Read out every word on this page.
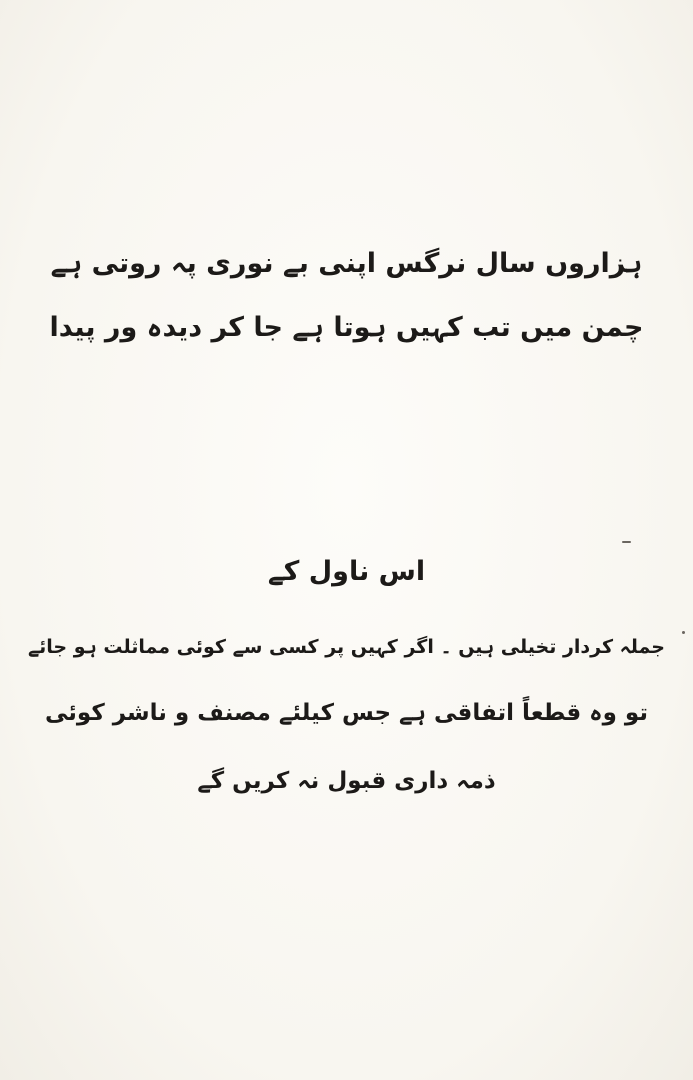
ہزاروں سال نرگس اپنی بے نوری پہ روتی ہے
چمن میں تب کہیں ہوتا ہے جا کر دیدہ ور پیدا
اس ناول کے
جملہ کردار تخیلی ہیں ۔ اگر کہیں پر کسی سے کوئی مماثلت ہو جائے
تو وہ قطعاً اتفاقی ہے جس کیلئے مصنف و ناشر کوئی
ذمہ داری قبول نہ کریں گے
